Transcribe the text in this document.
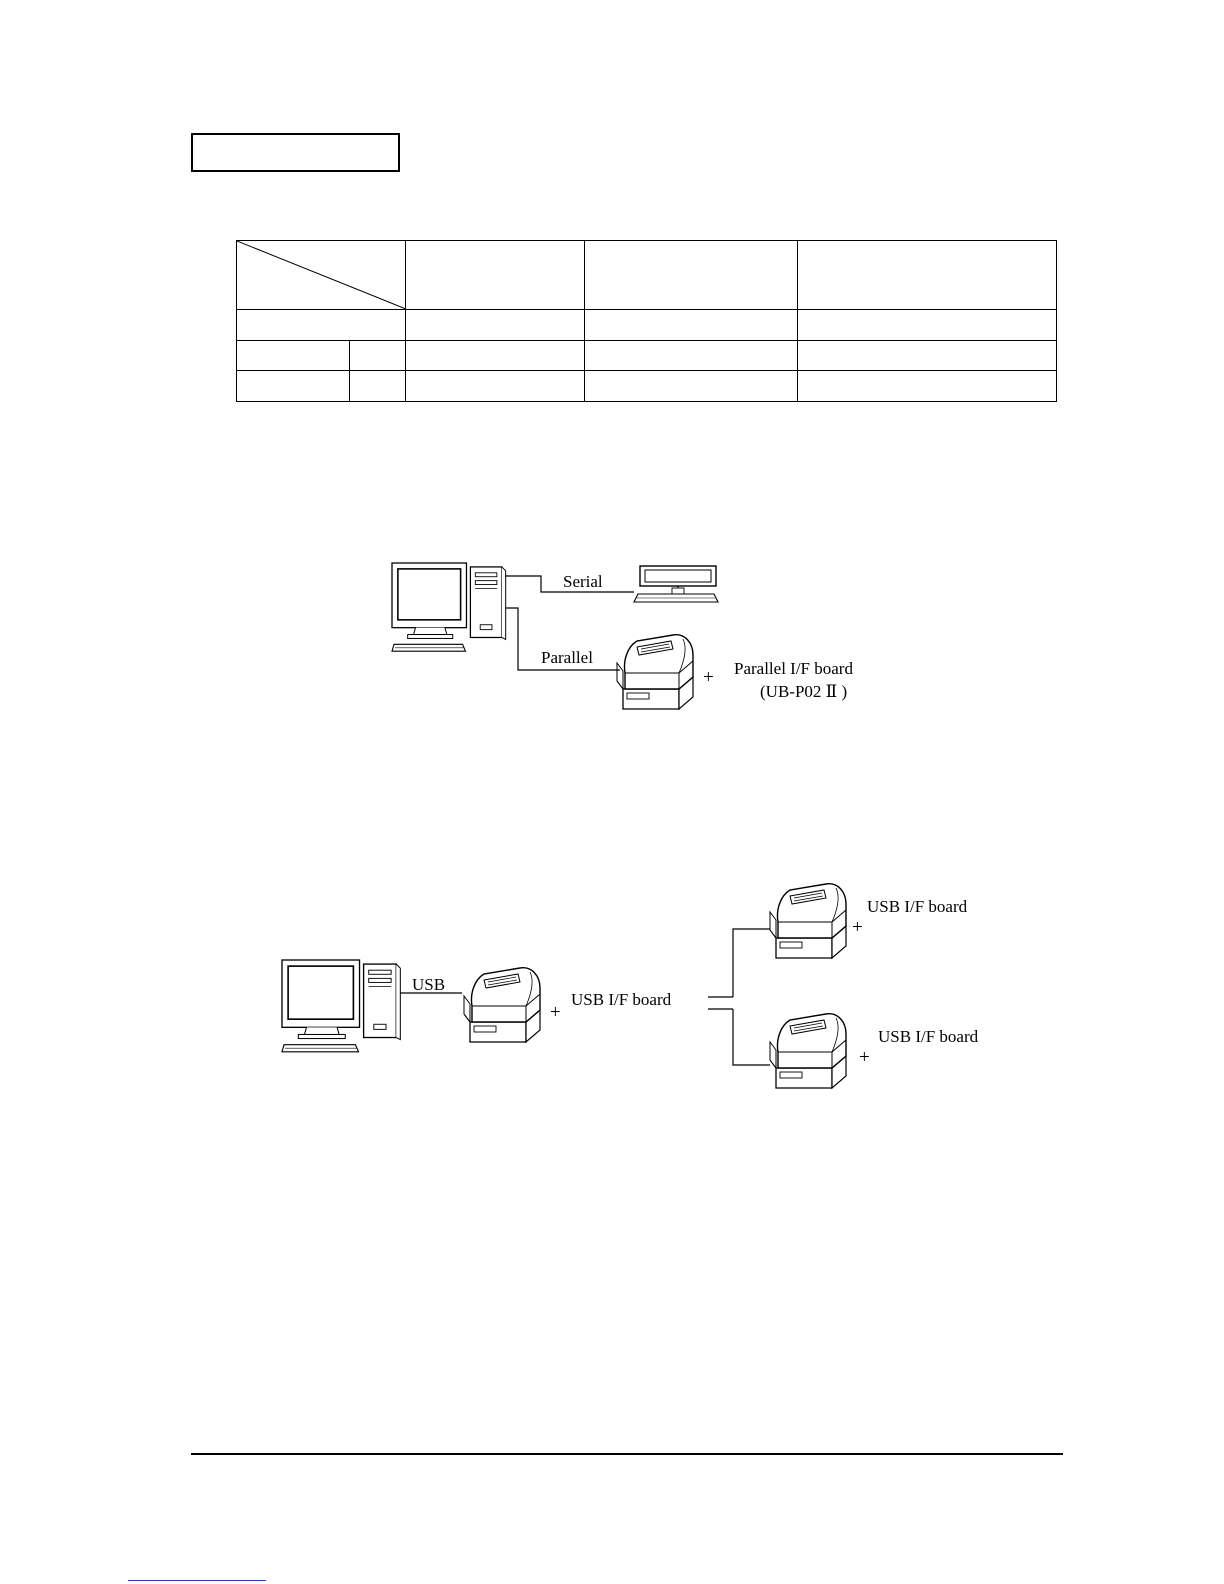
Serial
Parallel
+ Parallel I/F board
(UB-P02 Ⅱ )
USB
+
USB I/F board
+
USB I/F board
+
USB I/F board
